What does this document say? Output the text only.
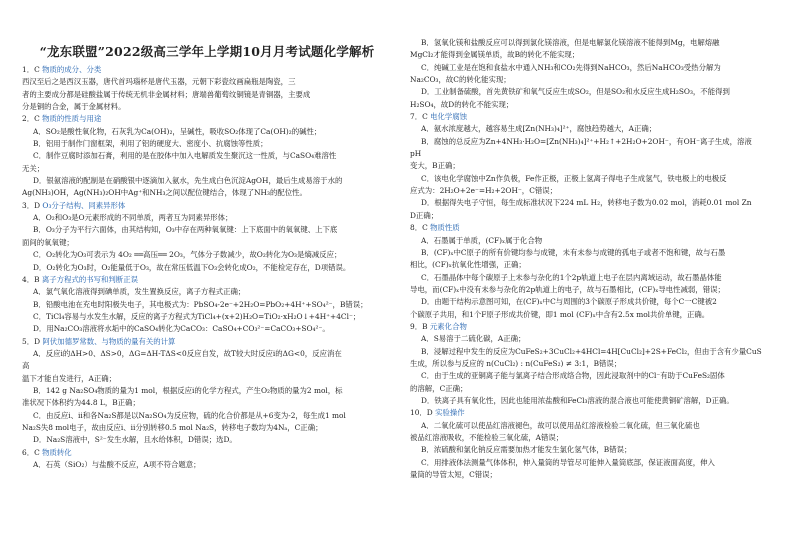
“龙东联盟”2022级高三学年上学期10月月考试题化学解析
1．C 物质的成分、分类
西汉至后之是西汉玉器，唐代首玛瑙杯是唐代玉器，元朝下彩瓷纹画扁瓶是陶瓷，三
者的主要成分都是硅酸盐属于传统无机非金属材料；唐端兽葡萄纹铜镜是青铜器，主要成
分是铜的合金，属于金属材料。
2．C 物质的性质与用途
A．SO₂是酸性氧化物，石灰乳为Ca(OH)₂，呈碱性，吸收SO₂体现了Ca(OH)₂的碱性；
B．铝用于制作门窗框架，利用了铝的硬度大、密度小、抗腐蚀等性质；
C．制作豆腐时添加石膏，利用的是在胶体中加入电解质发生聚沉这一性质，与CaSO₄难溶性
无关；
D．银氨溶液的配制是在硝酸银中逐滴加入氨水，先生成白色沉淀AgOH，最后生成易溶于水的
Ag(NH₃)OH，Ag(NH₃)₂OH中Ag⁺和NH₃之间以配位键结合，体现了NH₃的配位性。
3．D O₃分子结构、同素异形体
A．O₂和O₃是O元素形成的不同单质，两者互为同素异形体；
B．O₃分子为平行六面体，由其结构知，O₃中存在两种氧氧键：上下底面中的氧氧键、上下底
面间的氧氧键；
C．O₂转化为O₃可表示为 4O₂ ══高压══ 2O₃，气体分子数减少，故O₂转化为O₃是熵减反应；
D．O₂转化为O₃时，O₂能量低于O₃，故在常压低温下O₃会转化成O₂，不能检定存在，D项错误。
4．B 离子方程式的书写和判断正误
A．氯气氧化溶液得到碘单质，发生置换反应，离子方程式正确；
B．铅酸电池在充电时阳极失电子，其电极式为：PbSO₄-2e⁻+2H₂O=PbO₂+4H⁺+SO₄²⁻，B错误；
C．TiCl₄容易与水发生水解，反应的离子方程式为TiCl₄+(x+2)H₂O=TiO₂·xH₂O↓+4H⁺+4Cl⁻；
D．用Na₂CO₃溶液将水垢中的CaSO₄转化为CaCO₃：CaSO₄+CO₃²⁻=CaCO₃+SO₄²⁻。
5．D 阿伏加德罗常数、与物质的量有关的计算
A．反应i的ΔH>0、ΔS>0，ΔG=ΔH-TΔS<0反应自发，故T较大时反应i的ΔG<0，反应消在
高
温下才能自发进行，A正确；
B．142 g Na₂SO₄物质的量为1 mol，根据反应i的化学方程式，产生O₂物质的量为2 mol，标
准状况下体积约为44.8 L，B正确；
C．由反应i、ii和各Na₂S都是以Na₂SO₄为反应物，硫的化合价都是从+6变为-2，每生成1 mol
Na₂S失8 mol电子，故由反应i、ii分别转移0.5 mol Na₂S，转移电子数均为4Nₐ，C正确；
D．Na₂S溶液中，S²⁻发生水解，且水给体积，D错误；选D。
6．C 物质转化
A．石英（SiO₂）与盐酸不反应，A项不符合题意；
B．氢氧化镁和盐酸反应可以得到氯化镁溶液，但是电解氯化镁溶液不能得到Mg，电解熔融
MgCl₂才能得到金属镁单质，故B的转化不能实现；
C．纯碱工业是在饱和食盐水中通入NH₃和CO₂先得到NaHCO₃，然后NaHCO₃受热分解为
Na₂CO₃，故C的转化能实现；
D．工业制备硫酸，首先黄铁矿和氧气反应生成SO₂，但是SO₂和水反应生成H₂SO₃，不能得到
H₂SO₄，故D的转化不能实现；
7．C 电化学腐蚀
A．氨水浓度越大，越容易生成[Zn(NH₃)₄]²⁺，腐蚀趋势越大，A正确；
B．腐蚀的总反应为Zn+4NH₃·H₂O=[Zn(NH₃)₄]²⁺+H₂↑+2H₂O+2OH⁻，有OH⁻离子生成，溶液
pH
变大，B正确；
C．该电化学腐蚀中Zn作负极，Fe作正极，正极上氢离子得电子生成氢气，铁电极上的电极反
应式为：2H₂O+2e⁻=H₂+2OH⁻，C错误；
D．根据得失电子守恒，每生成标准状况下224 mL H₂，转移电子数为0.02 mol，消耗0.01 mol Zn
D正确；
8．C 物质性质
A．石墨属于单质，(CF)ₓ属于化合物
B．(CF)ₓ中C原子的所有价键均参与成键，未有未参与成键的孤电子或者不饱和键，故与石墨
相比，(CF)ₓ抗氧化性增强，正确；
C．石墨晶体中每个碳原子上未参与杂化的1个2p轨道上电子在层内离域运动，故石墨晶体能
导电，而(CF)ₓ中没有未参与杂化的2p轨道上的电子，故与石墨相比，(CF)ₓ导电性减弱，错误；
D．由题干结构示意图可知，在(CF)ₓ中C与周围的3个碳原子形成共价键，每个C一C键被2
个碳原子共用，和1个F原子形成共价键，即1 mol (CF)ₓ中含有2.5x mol共价单键，正确。
9．B 元素化合物
A．S易溶于二硫化碳，A正确；
B．浸解过程中发生的反应为CuFeS₂+3CuCl₂+4HCl=4H[CuCl₂]+2S+FeCl₂，但由于含有少量CuS
生成，所以参与反应的 n(CuCl₂) : n(CuFeS₂) ≠ 3:1，B错误；
C．由于生成的亚铜离子能与氯离子结合形成络合物，因此浸取剂中的Cl⁻有助于CuFeS₂固体
的溶解，C正确；
D．铁离子具有氧化性，因此也能用浓盐酸和FeCl₃溶液的混合液也可能使黄铜矿溶解，D正确。
10．D 实验操作
A．二氧化硫可以使品红溶液褪色，故可以使用品红溶液检验二氧化硫，但三氧化硫也
被品红溶液吸收，不能检验三氧化硫，A错误；
B．浓硫酸和氯化钠反应需要加热才能发生氯化氢气体，B错误；
C．用排液体法测量气体体积，伸入量筒的导管尽可能伸入量筒底部，保证液面高度，伸入
量筒的导管太短，C错误；
